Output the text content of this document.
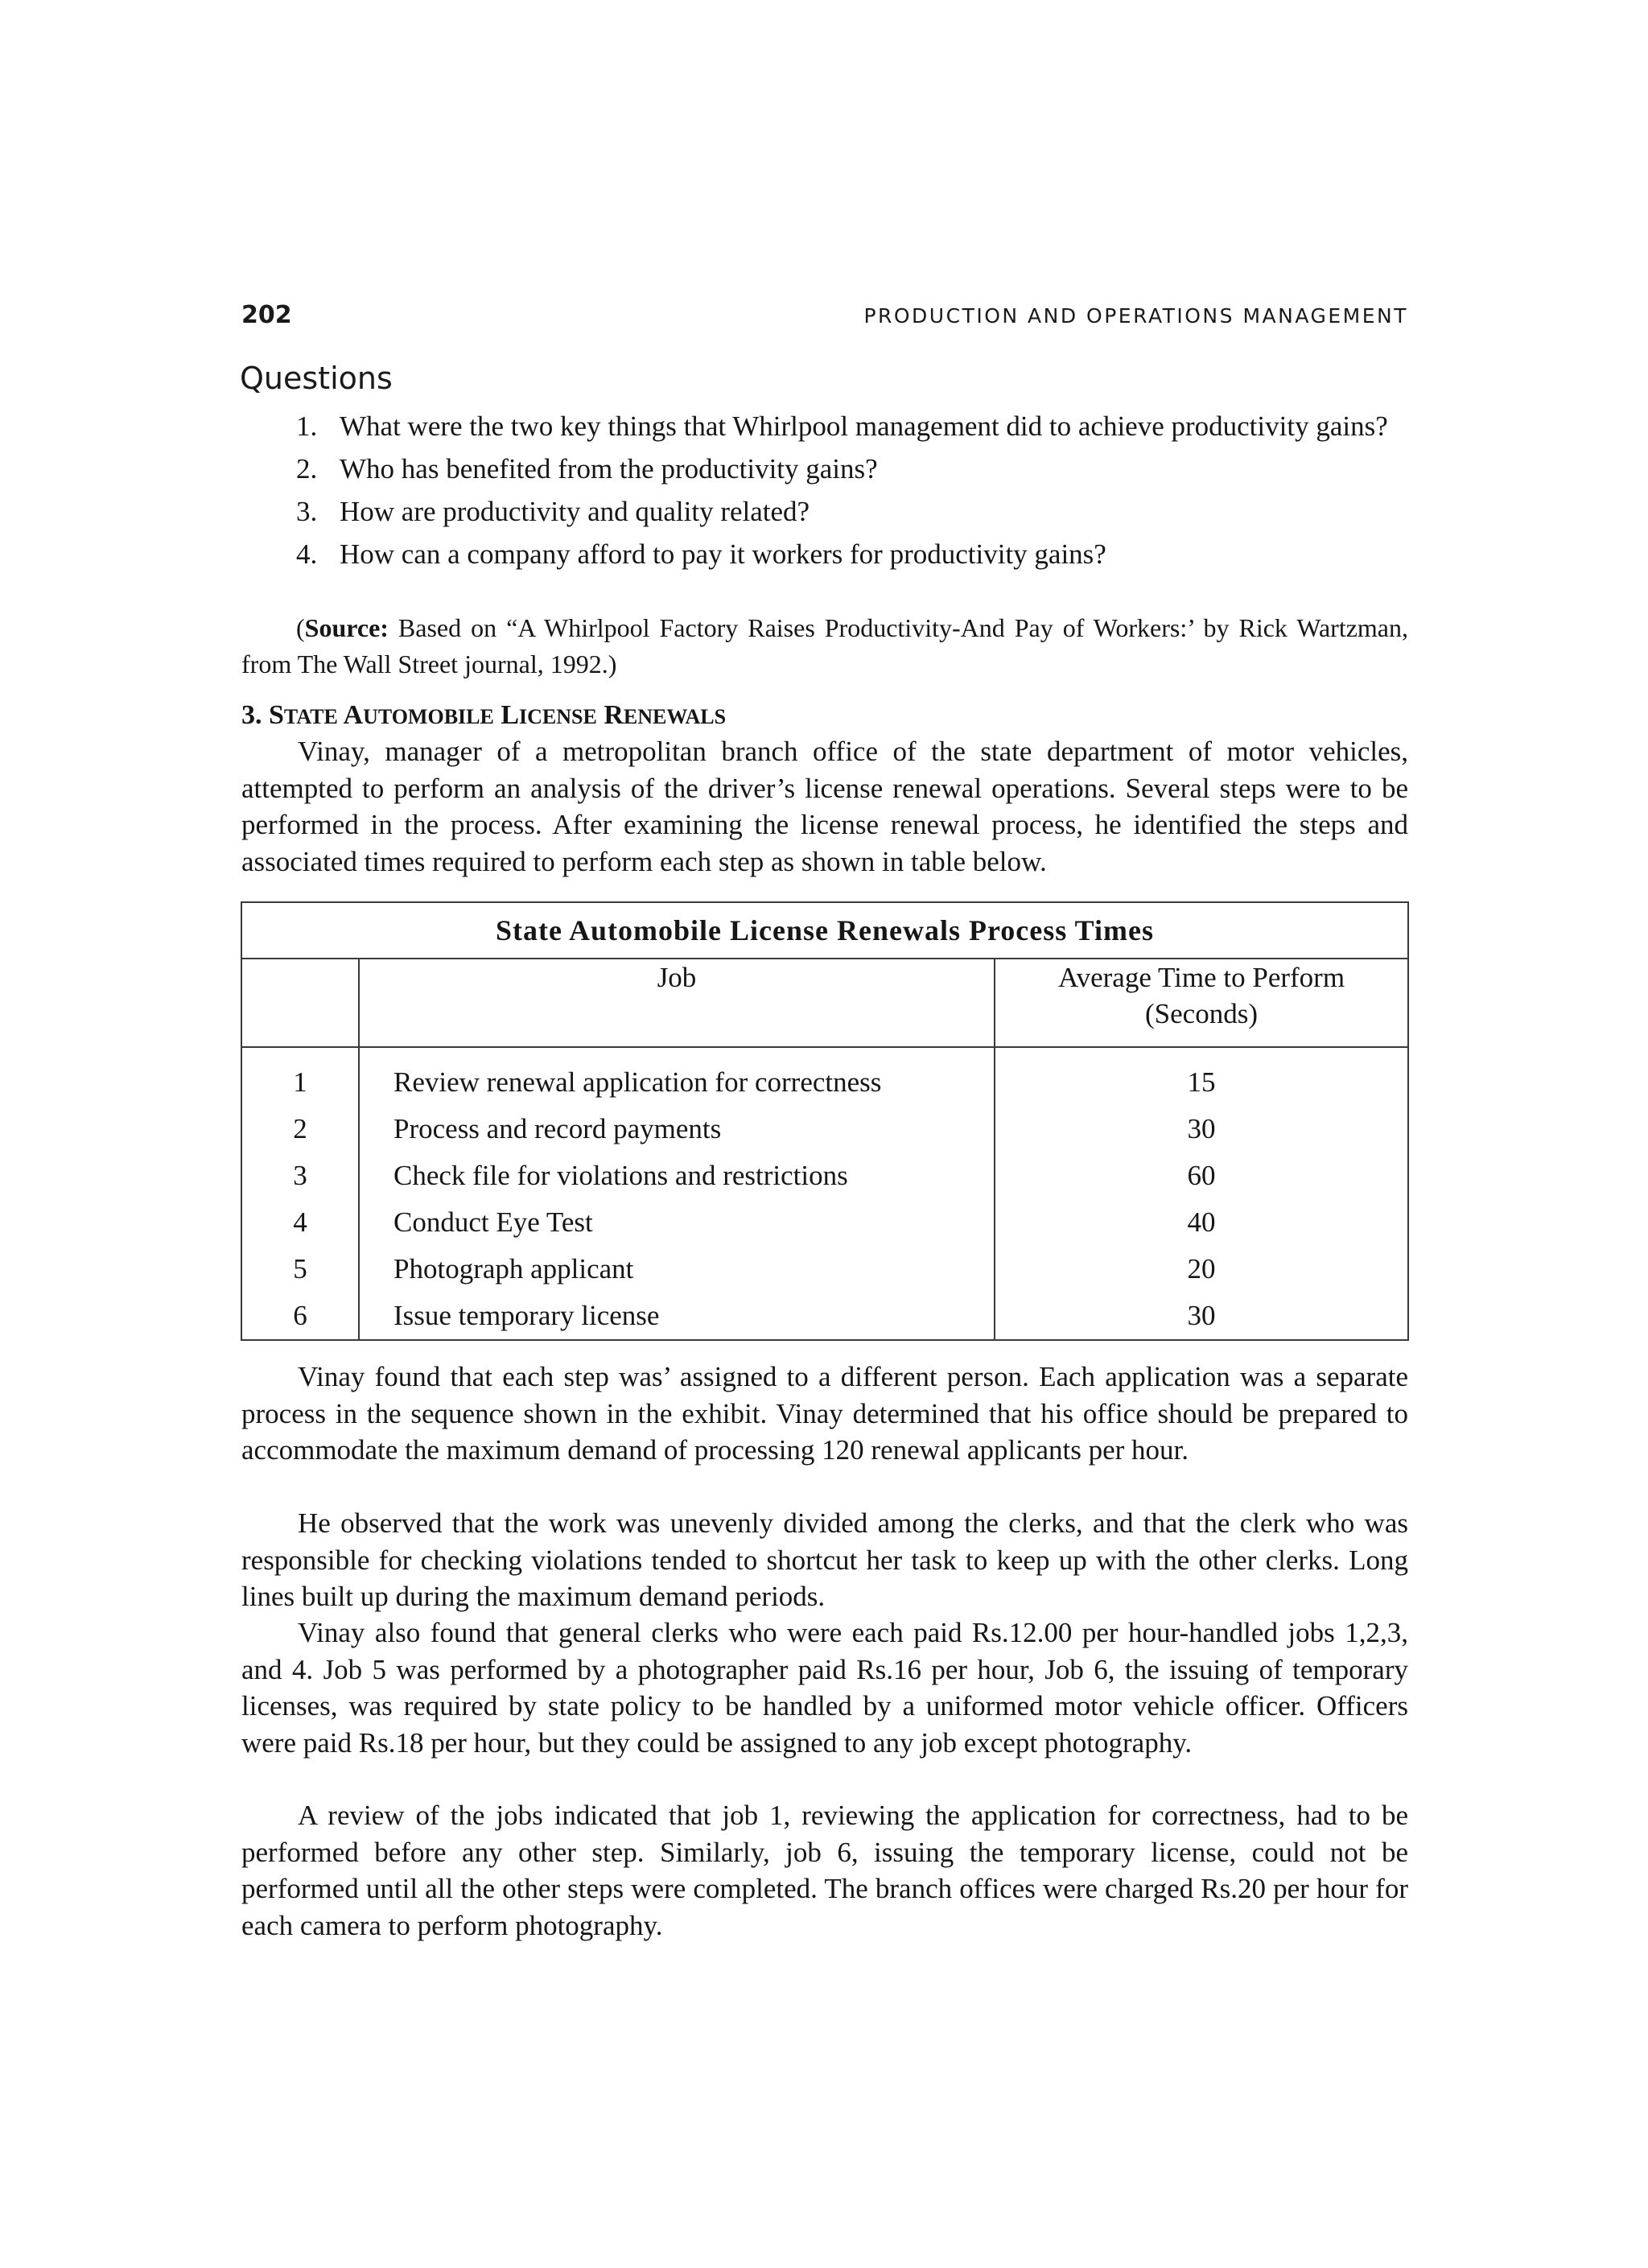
202	PRODUCTION AND OPERATIONS MANAGEMENT
Questions
1. What were the two key things that Whirlpool management did to achieve productivity gains?
2. Who has benefited from the productivity gains?
3. How are productivity and quality related?
4. How can a company afford to pay it workers for productivity gains?
(Source: Based on “A Whirlpool Factory Raises Productivity-And Pay of Workers:’ by Rick Wartzman,
from The Wall Street journal, 1992.)
3. STATE AUTOMOBILE LICENSE RENEWALS

Vinay, manager of a metropolitan branch office of the state department of motor vehicles, attempted to perform an analysis of the driver’s license renewal operations. Several steps were to be performed in the process. After examining the license renewal process, he identified the steps and associated times required to perform each step as shown in table below.

State Automobile License Renewals Process Times		
	Job	Average Time to Perform
(Seconds)

1	Review renewal application for correctness	15
2	Process and record payments	30
3	Check file for violations and restrictions	60
4	Conduct Eye Test	40
5	Photograph applicant	20
6	Issue temporary license	30

Vinay found that each step was’ assigned to a different person. Each application was a separate process in the sequence shown in the exhibit. Vinay determined that his office should be prepared to accommodate the maximum demand of processing 120 renewal applicants per hour.

He observed that the work was unevenly divided among the clerks, and that the clerk who was responsible for checking violations tended to shortcut her task to keep up with the other clerks. Long lines built up during the maximum demand periods.

Vinay also found that general clerks who were each paid Rs.12.00 per hour-handled jobs 1,2,3, and 4. Job 5 was performed by a photographer paid Rs.16 per hour, Job 6, the issuing of temporary licenses, was required by state policy to be handled by a uniformed motor vehicle officer. Officers were paid Rs.18 per hour, but they could be assigned to any job except photography.

A review of the jobs indicated that job 1, reviewing the application for correctness, had to be performed before any other step. Similarly, job 6, issuing the temporary license, could not be performed until all the other steps were completed. The branch offices were charged Rs.20 per hour for each camera to perform photography.
